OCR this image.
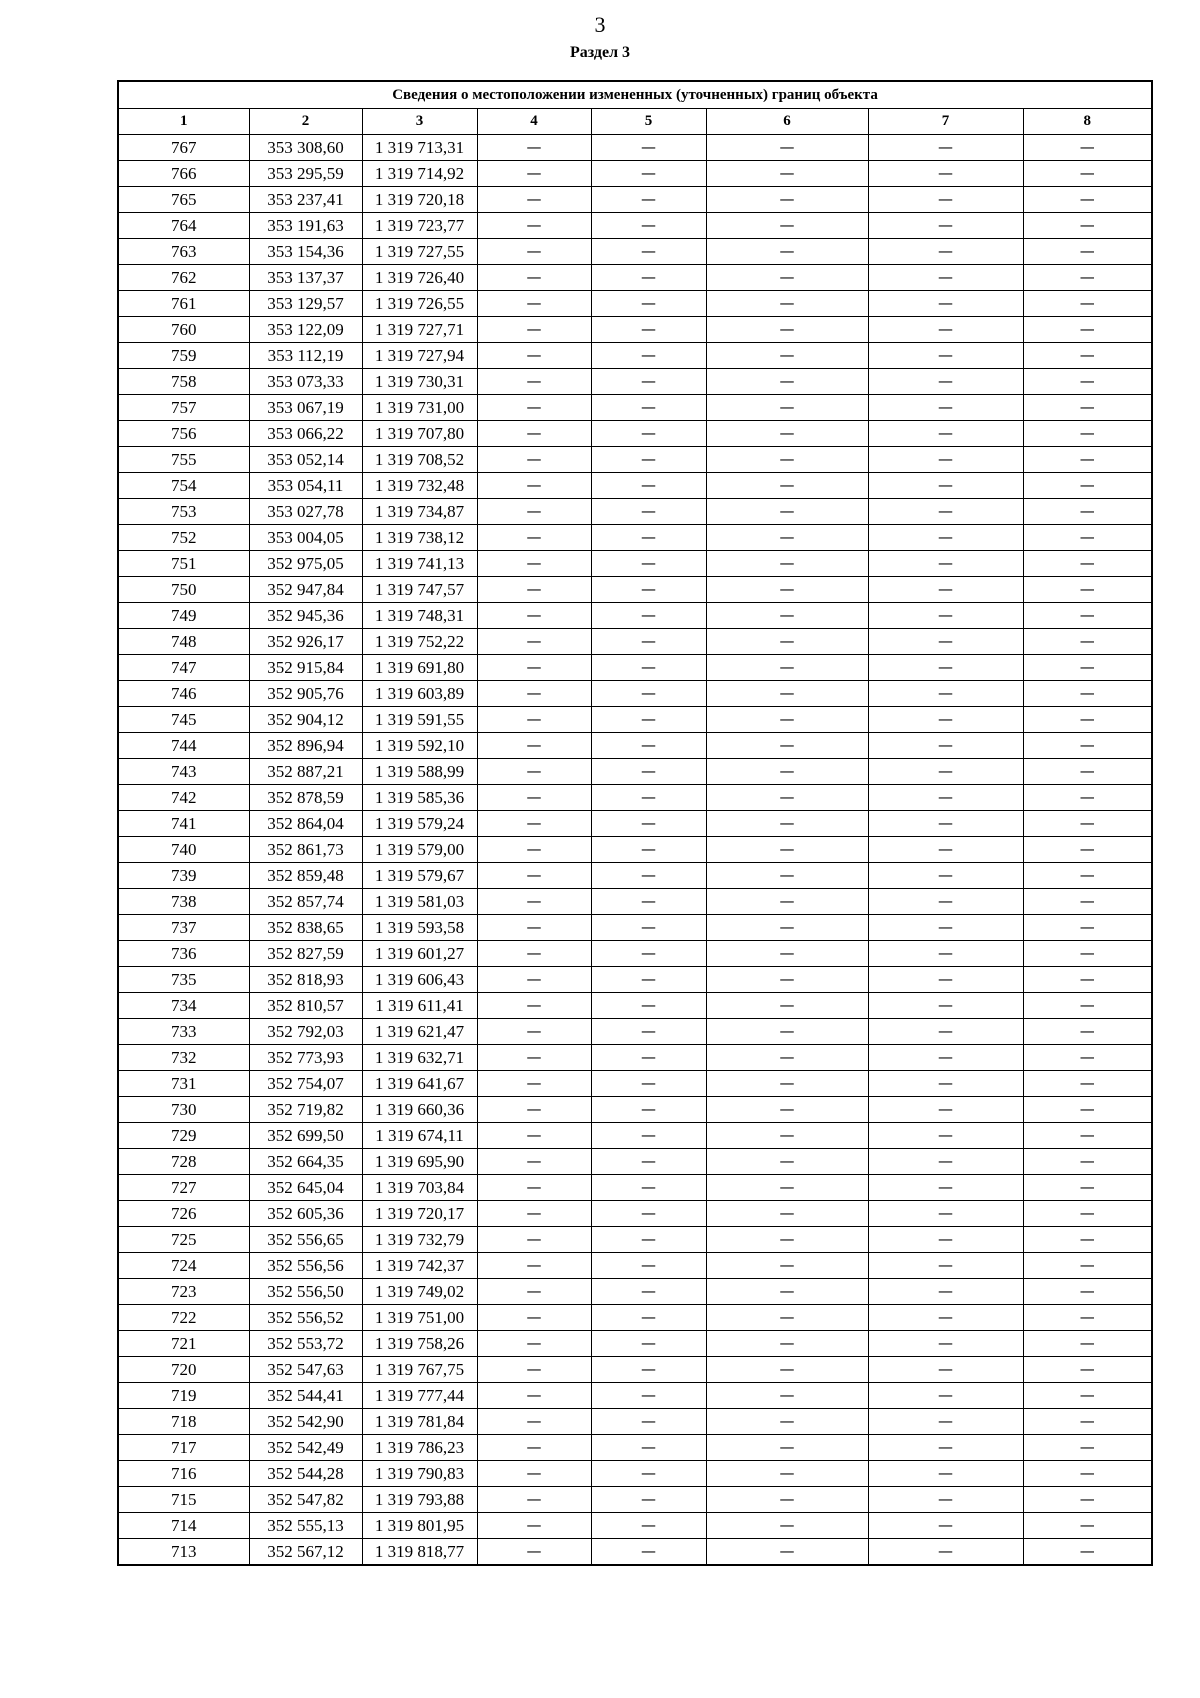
3
Раздел 3
Сведения о местоположении измененных (уточненных) границ объекта							
1	2	3	4	5	6	7	8
767	353 308,60	1 319 713,31	—	—	—	—	—
766	353 295,59	1 319 714,92	—	—	—	—	—
765	353 237,41	1 319 720,18	—	—	—	—	—
764	353 191,63	1 319 723,77	—	—	—	—	—
763	353 154,36	1 319 727,55	—	—	—	—	—
762	353 137,37	1 319 726,40	—	—	—	—	—
761	353 129,57	1 319 726,55	—	—	—	—	—
760	353 122,09	1 319 727,71	—	—	—	—	—
759	353 112,19	1 319 727,94	—	—	—	—	—
758	353 073,33	1 319 730,31	—	—	—	—	—
757	353 067,19	1 319 731,00	—	—	—	—	—
756	353 066,22	1 319 707,80	—	—	—	—	—
755	353 052,14	1 319 708,52	—	—	—	—	—
754	353 054,11	1 319 732,48	—	—	—	—	—
753	353 027,78	1 319 734,87	—	—	—	—	—
752	353 004,05	1 319 738,12	—	—	—	—	—
751	352 975,05	1 319 741,13	—	—	—	—	—
750	352 947,84	1 319 747,57	—	—	—	—	—
749	352 945,36	1 319 748,31	—	—	—	—	—
748	352 926,17	1 319 752,22	—	—	—	—	—
747	352 915,84	1 319 691,80	—	—	—	—	—
746	352 905,76	1 319 603,89	—	—	—	—	—
745	352 904,12	1 319 591,55	—	—	—	—	—
744	352 896,94	1 319 592,10	—	—	—	—	—
743	352 887,21	1 319 588,99	—	—	—	—	—
742	352 878,59	1 319 585,36	—	—	—	—	—
741	352 864,04	1 319 579,24	—	—	—	—	—
740	352 861,73	1 319 579,00	—	—	—	—	—
739	352 859,48	1 319 579,67	—	—	—	—	—
738	352 857,74	1 319 581,03	—	—	—	—	—
737	352 838,65	1 319 593,58	—	—	—	—	—
736	352 827,59	1 319 601,27	—	—	—	—	—
735	352 818,93	1 319 606,43	—	—	—	—	—
734	352 810,57	1 319 611,41	—	—	—	—	—
733	352 792,03	1 319 621,47	—	—	—	—	—
732	352 773,93	1 319 632,71	—	—	—	—	—
731	352 754,07	1 319 641,67	—	—	—	—	—
730	352 719,82	1 319 660,36	—	—	—	—	—
729	352 699,50	1 319 674,11	—	—	—	—	—
728	352 664,35	1 319 695,90	—	—	—	—	—
727	352 645,04	1 319 703,84	—	—	—	—	—
726	352 605,36	1 319 720,17	—	—	—	—	—
725	352 556,65	1 319 732,79	—	—	—	—	—
724	352 556,56	1 319 742,37	—	—	—	—	—
723	352 556,50	1 319 749,02	—	—	—	—	—
722	352 556,52	1 319 751,00	—	—	—	—	—
721	352 553,72	1 319 758,26	—	—	—	—	—
720	352 547,63	1 319 767,75	—	—	—	—	—
719	352 544,41	1 319 777,44	—	—	—	—	—
718	352 542,90	1 319 781,84	—	—	—	—	—
717	352 542,49	1 319 786,23	—	—	—	—	—
716	352 544,28	1 319 790,83	—	—	—	—	—
715	352 547,82	1 319 793,88	—	—	—	—	—
714	352 555,13	1 319 801,95	—	—	—	—	—
713	352 567,12	1 319 818,77	—	—	—	—	—
